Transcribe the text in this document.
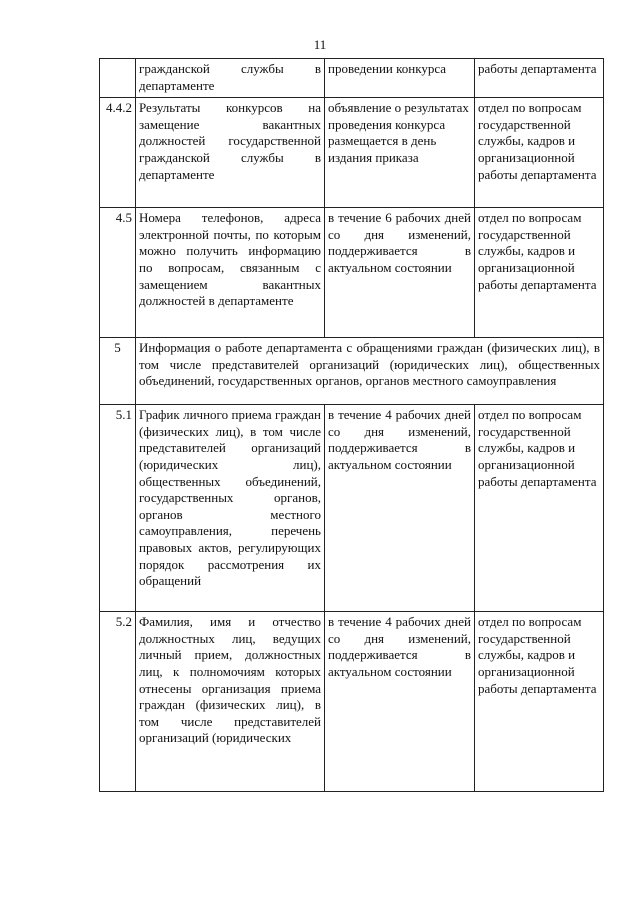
11
	гражданской службы в департаменте	проведении конкурса	работы департамента
4.4.2	Результаты конкурсов на замещение вакантных должностей государственной гражданской службы в департаменте	объявление о результатах проведения конкурса размещается в день издания приказа	отдел по вопросам государственной службы, кадров и организационной работы департамента
4.5	Номера телефонов, адреса электронной почты, по которым можно получить информацию по вопросам, связанным с замещением вакантных должностей в департаменте	в течение 6 рабочих дней со дня изменений, поддерживается в актуальном состоянии	отдел по вопросам государственной службы, кадров и организационной работы департамента
5	Информация о работе департамента с обращениями граждан (физических лиц), в том числе представителей организаций (юридических лиц), общественных объединений, государственных органов, органов местного самоуправления		
5.1	График личного приема граждан (физических лиц), в том числе представителей организаций (юридических лиц), общественных объединений, государственных органов, органов местного самоуправления, перечень правовых актов, регулирующих порядок рассмотрения их обращений	в течение 4 рабочих дней со дня изменений, поддерживается в актуальном состоянии	отдел по вопросам государственной службы, кадров и организационной работы департамента
5.2	Фамилия, имя и отчество должностных лиц, ведущих личный прием, должностных лиц, к полномочиям которых отнесены организация приема граждан (физических лиц), в том числе представителей организаций (юридических	в течение 4 рабочих дней со дня изменений, поддерживается в актуальном состоянии	отдел по вопросам государственной службы, кадров и организационной работы департамента
